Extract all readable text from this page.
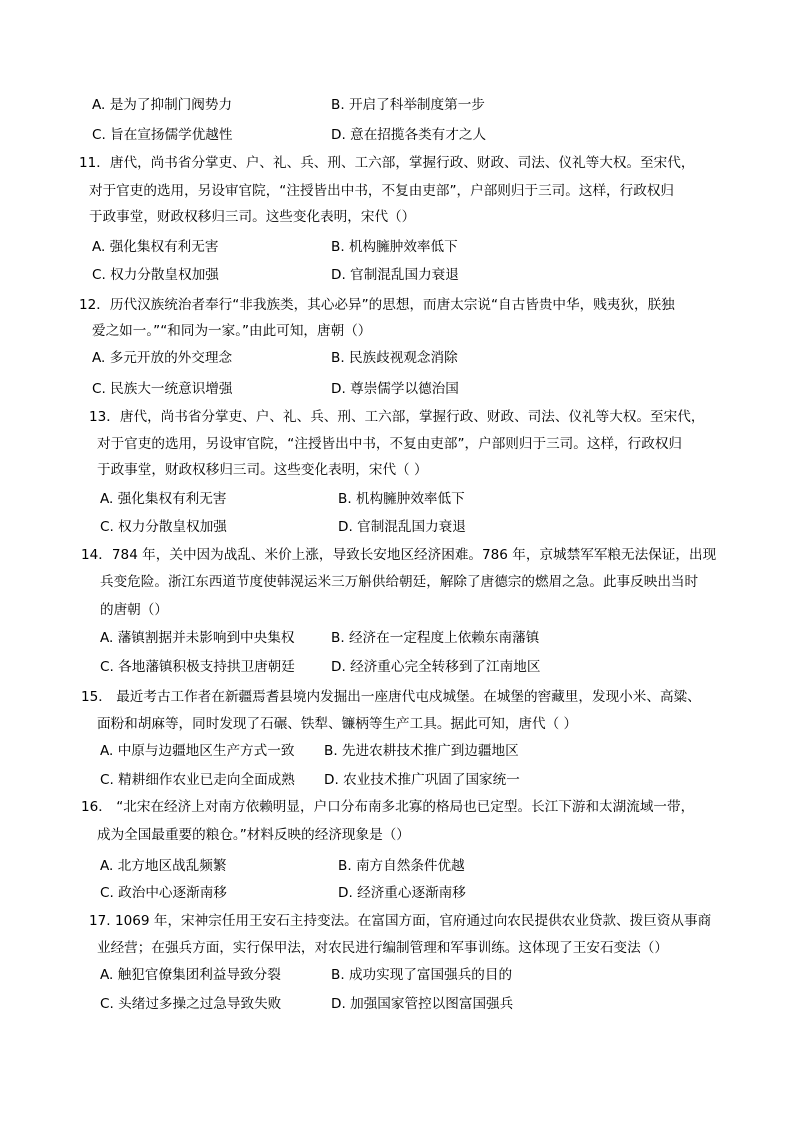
A. 是为了抑制门阀势力	B. 开启了科举制度第一步
C. 旨在宣扬儒学优越性	D. 意在招揽各类有才之人
11．唐代，尚书省分掌吏、户、礼、兵、刑、工六部，掌握行政、财政、司法、仪礼等大权。至宋代，
对于官吏的选用，另设审官院，“注授皆出中书，不复由吏部”，户部则归于三司。这样，行政权归
于政事堂，财政权移归三司。这些变化表明，宋代（）
A. 强化集权有利无害	B. 机构臃肿效率低下
C. 权力分散皇权加强	D. 官制混乱国力衰退
12．历代汉族统治者奉行“非我族类，其心必异”的思想，而唐太宗说“自古皆贵中华，贱夷狄，朕独
爱之如一。”“和同为一家。”由此可知，唐朝（）
A. 多元开放的外交理念	B. 民族歧视观念消除
C. 民族大一统意识增强	D. 尊崇儒学以德治国
13．唐代，尚书省分掌吏、户、礼、兵、刑、工六部，掌握行政、财政、司法、仪礼等大权。至宋代，
对于官吏的选用，另设审官院，“注授皆出中书，不复由吏部”，户部则归于三司。这样，行政权归
于政事堂，财政权移归三司。这些变化表明，宋代（ ）
A. 强化集权有利无害	B. 机构臃肿效率低下
C. 权力分散皇权加强	D. 官制混乱国力衰退
14．784 年，关中因为战乱、米价上涨，导致长安地区经济困难。786 年，京城禁军军粮无法保证，出现
兵变危险。浙江东西道节度使韩滉运米三万斛供给朝廷，解除了唐德宗的燃眉之急。此事反映出当时
的唐朝（）
A. 藩镇割据并未影响到中央集权	B. 经济在一定程度上依赖东南藩镇
C. 各地藩镇积极支持拱卫唐朝廷	D. 经济重心完全转移到了江南地区
15． 最近考古工作者在新疆焉耆县境内发掘出一座唐代屯戍城堡。在城堡的窖藏里，发现小米、高粱、
面粉和胡麻等，同时发现了石碾、铁犁、镰柄等生产工具。据此可知，唐代（ ）
A. 中原与边疆地区生产方式一致 B. 先进农耕技术推广到边疆地区
C. 精耕细作农业已走向全面成熟 D. 农业技术推广巩固了国家统一
16． “北宋在经济上对南方依赖明显，户口分布南多北寡的格局也已定型。长江下游和太湖流域一带，
成为全国最重要的粮仓。”材料反映的经济现象是（）
A. 北方地区战乱频繁	B. 南方自然条件优越
C. 政治中心逐渐南移	D. 经济重心逐渐南移
17. 1069 年，宋神宗任用王安石主持变法。在富国方面，官府通过向农民提供农业贷款、拨巨资从事商
业经营；在强兵方面，实行保甲法，对农民进行编制管理和军事训练。这体现了王安石变法（）
A. 触犯官僚集团利益导致分裂	B. 成功实现了富国强兵的目的
C. 头绪过多操之过急导致失败	D. 加强国家管控以图富国强兵
